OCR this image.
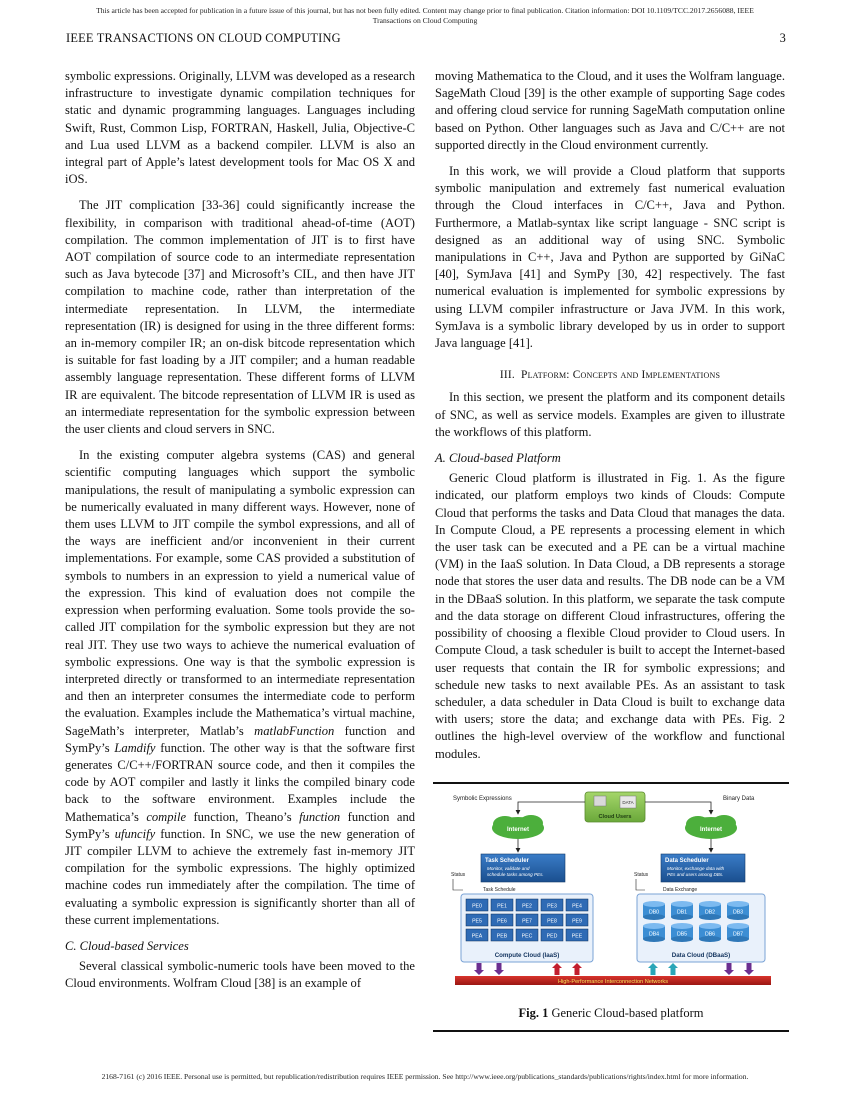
This article has been accepted for publication in a future issue of this journal, but has not been fully edited. Content may change prior to final publication. Citation information: DOI 10.1109/TCC.2017.2656088, IEEE
Transactions on Cloud Computing
IEEE TRANSACTIONS ON CLOUD COMPUTING	3

symbolic expressions. Originally, LLVM was developed as a research infrastructure to investigate dynamic compilation techniques for static and dynamic programming languages. Languages including Swift, Rust, Common Lisp, FORTRAN, Haskell, Julia, Objective-C and Lua used LLVM as a backend compiler. LLVM is also an integral part of Apple’s latest development tools for Mac OS X and iOS.

The JIT complication [33-36] could significantly increase the flexibility, in comparison with traditional ahead-of-time (AOT) compilation. The common implementation of JIT is to first have AOT compilation of source code to an intermediate representation such as Java bytecode [37] and Microsoft’s CIL, and then have JIT compilation to machine code, rather than interpretation of the intermediate representation. In LLVM, the intermediate representation (IR) is designed for using in the three different forms: an in-memory compiler IR; an on-disk bitcode representation which is suitable for fast loading by a JIT compiler; and a human readable assembly language representation. These different forms of LLVM IR are equivalent. The bitcode representation of LLVM IR is used as an intermediate representation for the symbolic expression between the user clients and cloud servers in SNC.

In the existing computer algebra systems (CAS) and general scientific computing languages which support the symbolic manipulations, the result of manipulating a symbolic expression can be numerically evaluated in many different ways. However, none of them uses LLVM to JIT compile the symbol expressions, and all of the ways are inefficient and/or inconvenient in their current implementations. For example, some CAS provided a substitution of symbols to numbers in an expression to yield a numerical value of the expression. This kind of evaluation does not compile the expression when performing evaluation. Some tools provide the so-called JIT compilation for the symbolic expression but they are not real JIT. They use two ways to achieve the numerical evaluation of symbolic expressions. One way is that the symbolic expression is interpreted directly or transformed to an intermediate representation and then an interpreter consumes the intermediate code to perform the evaluation. Examples include the Mathematica’s virtual machine, SageMath’s interpreter, Matlab’s matlabFunction function and SymPy’s Lamdify function. The other way is that the software first generates C/C++/FORTRAN source code, and then it compiles the code by AOT compiler and lastly it links the compiled binary code back to the software environment. Examples include the Mathematica’s compile function, Theano’s function function and SymPy’s ufuncify function. In SNC, we use the new generation of JIT compiler LLVM to achieve the extremely fast in-memory JIT compilation for the symbolic expressions. The highly optimized machine codes run immediately after the compilation. The time of evaluating a symbolic expression is significantly shorter than all of these current implementations.

C. Cloud-based Services

Several classical symbolic-numeric tools have been moved to the Cloud environments. Wolfram Cloud [38] is an example of

moving Mathematica to the Cloud, and it uses the Wolfram language. SageMath Cloud [39] is the other example of supporting Sage codes and offering cloud service for running SageMath computation online based on Python. Other languages such as Java and C/C++ are not supported directly in the Cloud environment currently.

In this work, we will provide a Cloud platform that supports symbolic manipulation and extremely fast numerical evaluation through the Cloud interfaces in C/C++, Java and Python. Furthermore, a Matlab-syntax like script language - SNC script is designed as an additional way of using SNC. Symbolic manipulations in C++, Java and Python are supported by GiNaC [40], SymJava [41] and SymPy [30, 42] respectively. The fast numerical evaluation is implemented for symbolic expressions by using LLVM compiler infrastructure or Java JVM. In this work, SymJava is a symbolic library developed by us in order to support Java language [41].

III. Platform: Concepts and Implementations

In this section, we present the platform and its component details of SNC, as well as service models. Examples are given to illustrate the workflows of this platform.

A. Cloud-based Platform

Generic Cloud platform is illustrated in Fig. 1. As the figure indicated, our platform employs two kinds of Clouds: Compute Cloud that performs the tasks and Data Cloud that manages the data. In Compute Cloud, a PE represents a processing element in which the user task can be executed and a PE can be a virtual machine (VM) in the IaaS solution. In Data Cloud, a DB represents a storage node that stores the user data and results. The DB node can be a VM in the DBaaS solution. In this platform, we separate the task compute and the data storage on different Cloud infrastructures, offering the possibility of choosing a flexible Cloud provider to Cloud users. In Compute Cloud, a task scheduler is built to accept the Internet-based user requests that contain the IR for symbolic expressions; and schedule new tasks to next available PEs. As an assistant to task scheduler, a data scheduler in Data Cloud is built to exchange data with users; store the data; and exchange data with PEs. Fig. 2 outlines the high-level overview of the workflow and functional modules.

Symbolic Expressions	Binary Data
DATA
Cloud Users
Internet	Internet
Task Scheduler
Monitor, validate and
schedule tasks among PEs.
Data Scheduler
Monitor, exchange data with
PEs and users among DBs.
Status	Status
Task Schedule	Data Exchange
PE0	PE1	PE2	PE3	PE4
PE5	PE6	PE7	PE8	PE9
PEA	PEB	PEC	PED	PEE
Compute Cloud (IaaS)
DB0	DB1	DB2	DB3
DB4	DB5	DB6	DB7
Data Cloud (DBaaS)
High-Performance Interconnection Networks
Fig. 1 Generic Cloud-based platform
2168-7161 (c) 2016 IEEE. Personal use is permitted, but republication/redistribution requires IEEE permission. See http://www.ieee.org/publications_standards/publications/rights/index.html for more information.
